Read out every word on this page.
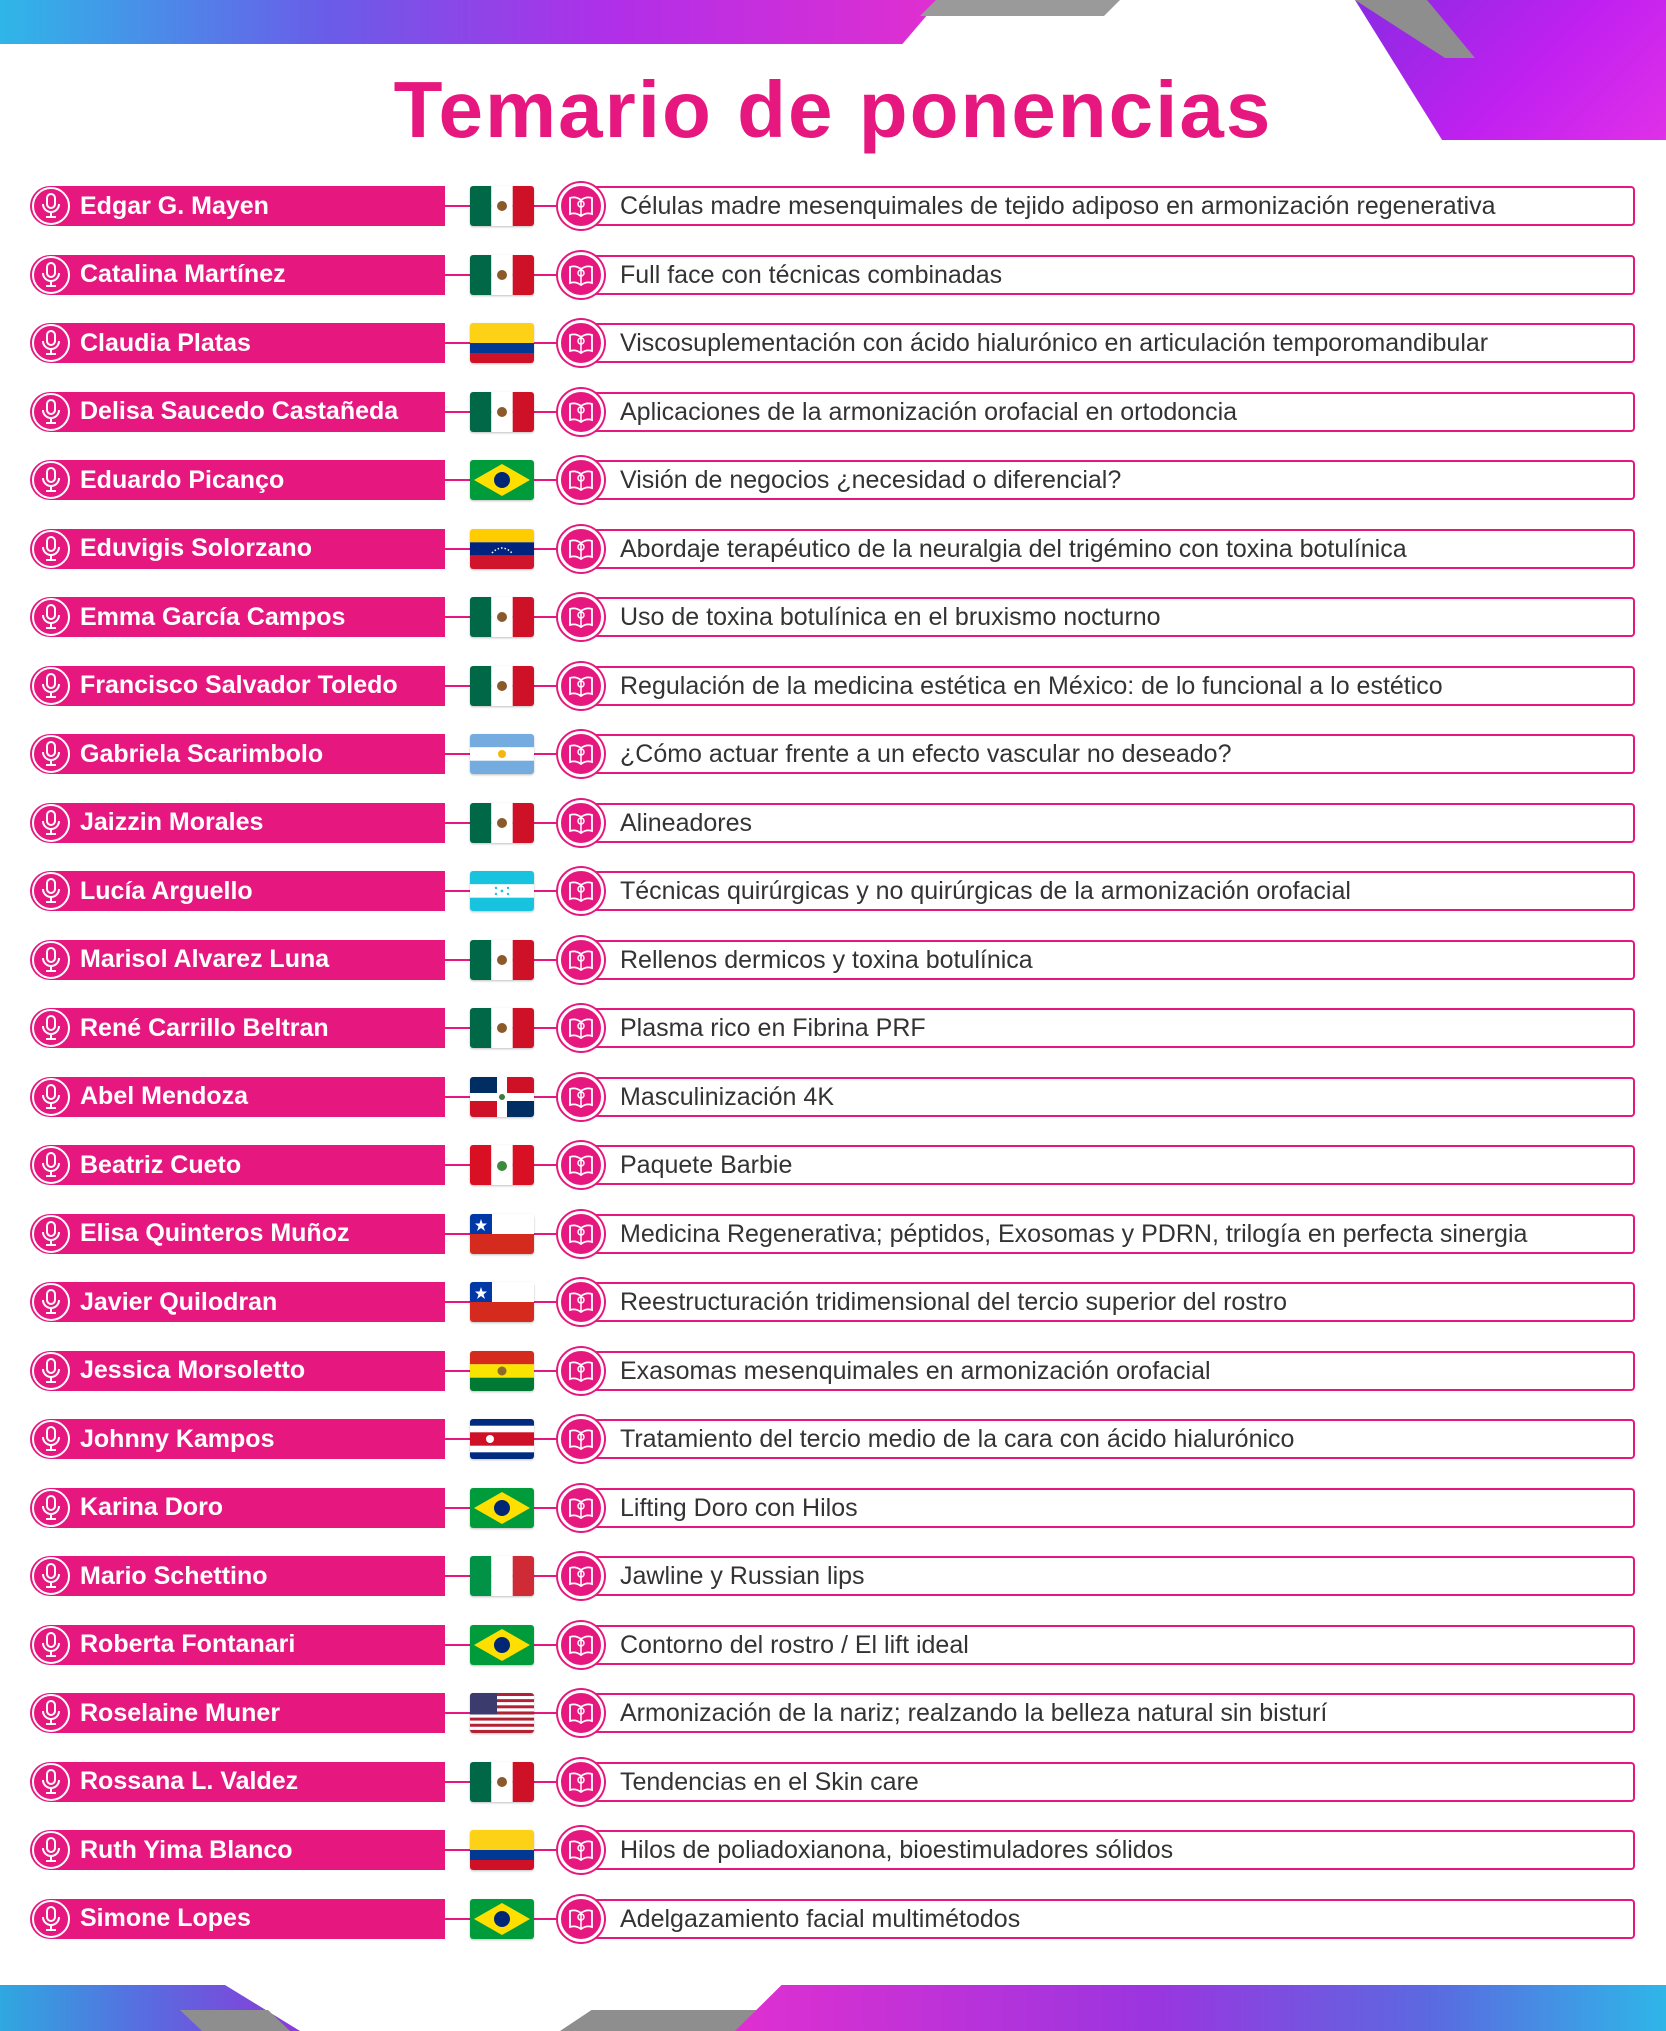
Temario de ponencias
Edgar G. Mayen	Células madre mesenquimales de tejido adiposo en armonización regenerativa
Catalina Martínez	Full face con técnicas combinadas
Claudia Platas	Viscosuplementación con ácido hialurónico en articulación temporomandibular
Delisa Saucedo Castañeda	Aplicaciones de la armonización orofacial en ortodoncia
Eduardo Picanço	Visión de negocios ¿necesidad o diferencial?
Eduvigis Solorzano	Abordaje terapéutico de la neuralgia del trigémino con toxina botulínica
Emma García Campos	Uso de toxina botulínica en el bruxismo nocturno
Francisco Salvador Toledo	Regulación de la medicina estética en México: de lo funcional a lo estético
Gabriela Scarimbolo	¿Cómo actuar frente a un efecto vascular no deseado?
Jaizzin Morales	Alineadores
Lucía Arguello	Técnicas quirúrgicas y no quirúrgicas de la armonización orofacial
Marisol Alvarez Luna	Rellenos dermicos y toxina botulínica
René Carrillo Beltran	Plasma rico en Fibrina PRF
Abel Mendoza	Masculinización 4K
Beatriz Cueto	Paquete Barbie
Elisa Quinteros Muñoz	Medicina Regenerativa; péptidos, Exosomas y PDRN, trilogía en perfecta sinergia
Javier Quilodran	Reestructuración tridimensional del tercio superior del rostro
Jessica Morsoletto	Exasomas mesenquimales en armonización orofacial
Johnny Kampos	Tratamiento del tercio medio de la cara con ácido hialurónico
Karina Doro	Lifting Doro con Hilos
Mario Schettino	Jawline y Russian lips
Roberta Fontanari	Contorno del rostro / El lift ideal
Roselaine Muner	Armonización de la nariz; realzando la belleza natural sin bisturí
Rossana L. Valdez	Tendencias en el Skin care
Ruth Yima Blanco	Hilos de poliadoxianona, bioestimuladores sólidos
Simone Lopes	Adelgazamiento facial multimétodos
